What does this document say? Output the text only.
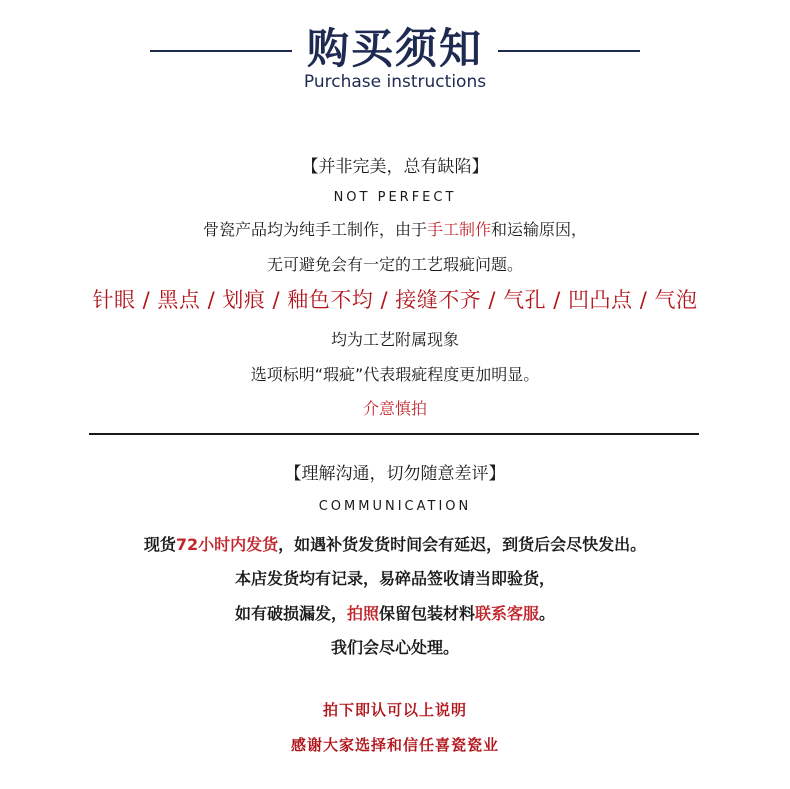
购买须知
Purchase instructions
【并非完美，总有缺陷】
NOT PERFECT
骨瓷产品均为纯手工制作，由于手工制作和运输原因，
无可避免会有一定的工艺瑕疵问题。
针眼 / 黑点 / 划痕 / 釉色不均 / 接缝不齐 / 气孔 / 凹凸点 / 气泡
均为工艺附属现象
选项标明“瑕疵”代表瑕疵程度更加明显。
介意慎拍
【理解沟通，切勿随意差评】
COMMUNICATION
现货72小时内发货，如遇补货发货时间会有延迟，到货后会尽快发出。
本店发货均有记录，易碎品签收请当即验货，
如有破损漏发，拍照保留包装材料联系客服。
我们会尽心处理。
拍下即认可以上说明
感谢大家选择和信任喜瓷瓷业
